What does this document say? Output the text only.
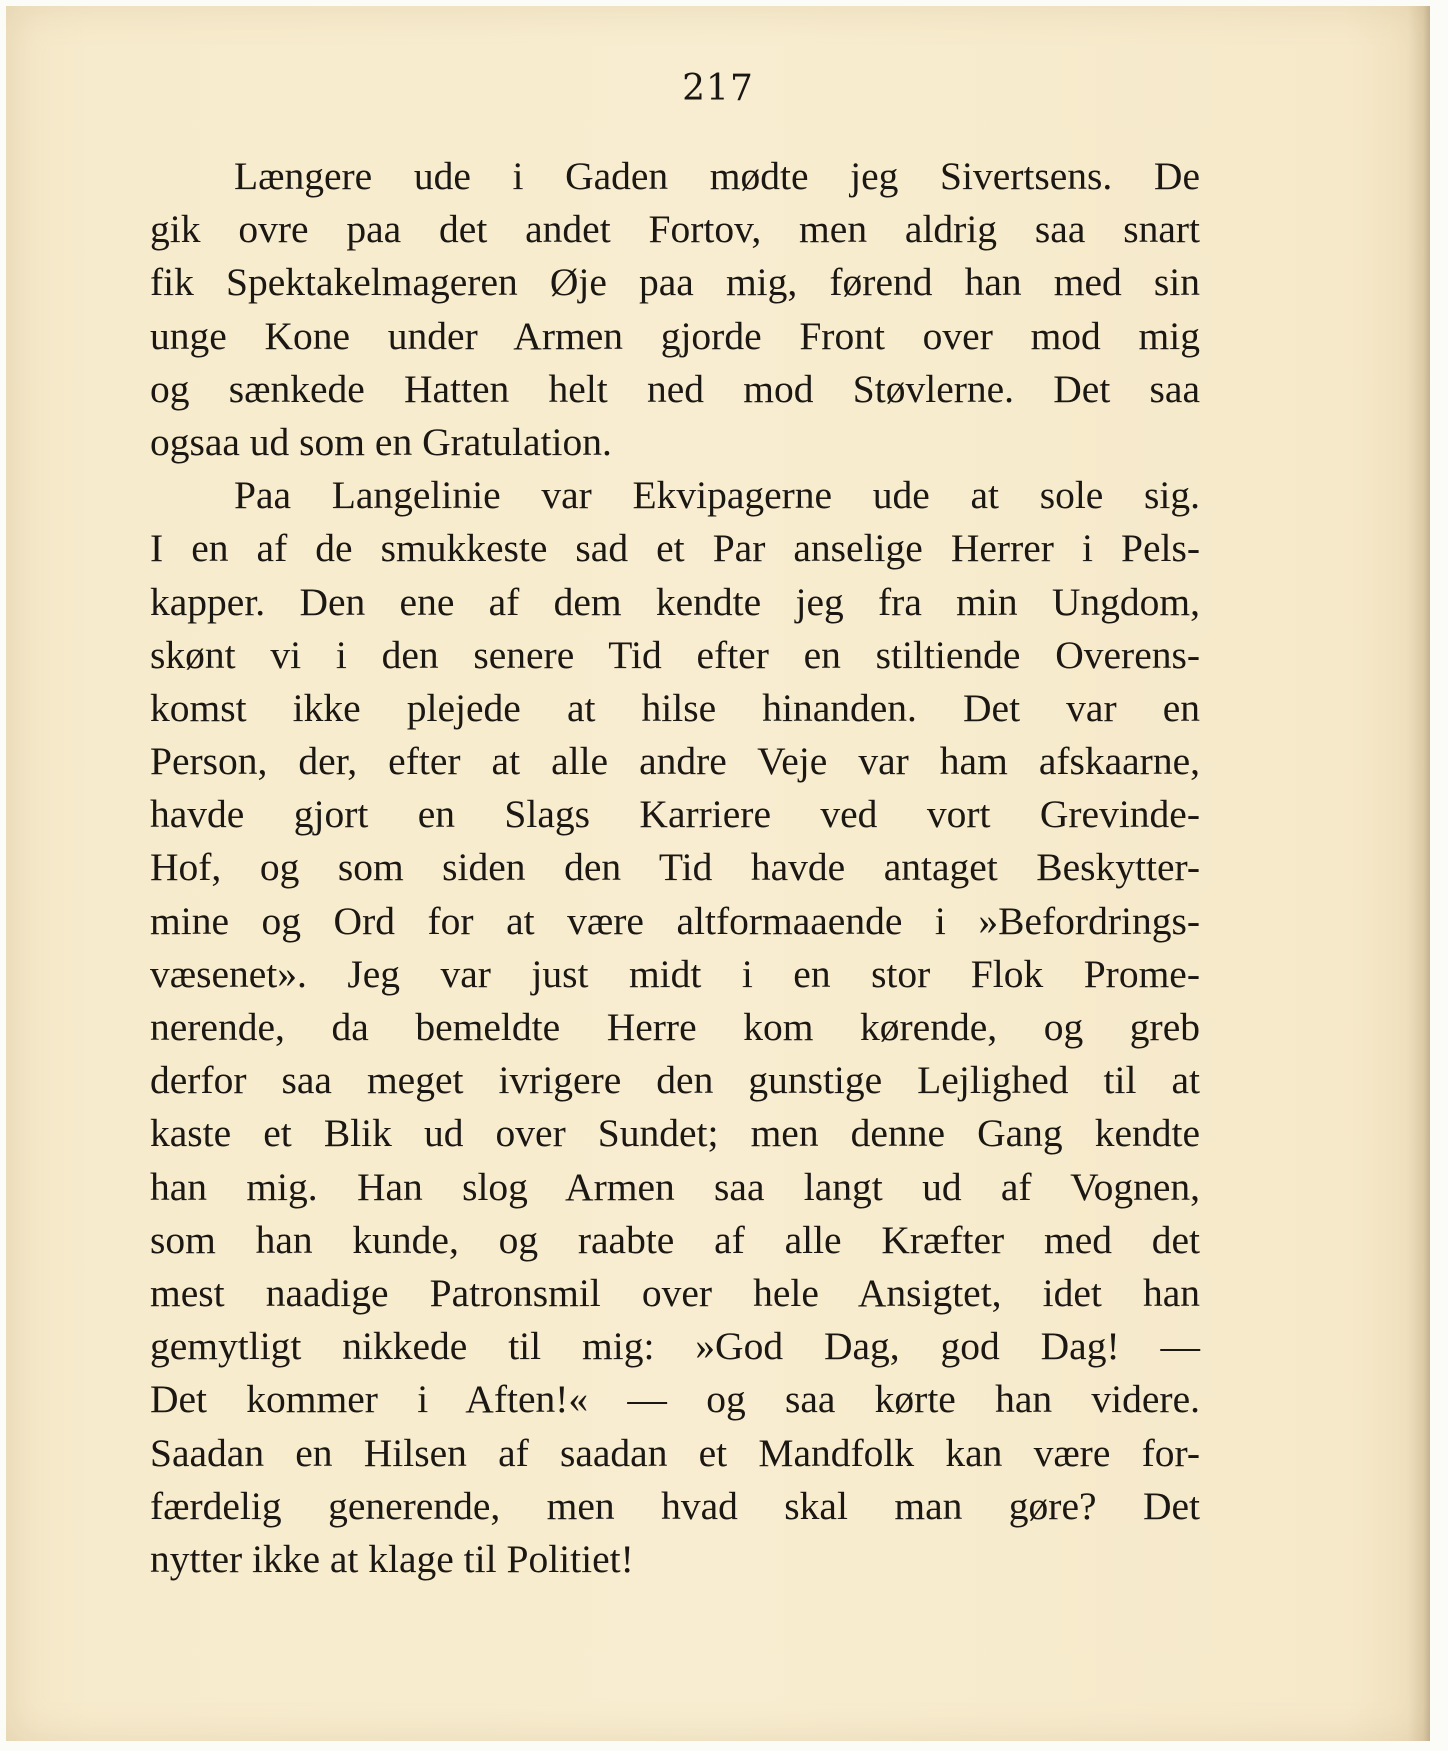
217
Længere ude i Gaden mødte jeg Sivertsens. De
gik ovre paa det andet Fortov, men aldrig saa snart
fik Spektakelmageren Øje paa mig, førend han med sin
unge Kone under Armen gjorde Front over mod mig
og sænkede Hatten helt ned mod Støvlerne. Det saa
ogsaa ud som en Gratulation.
Paa Langelinie var Ekvipagerne ude at sole sig.
I en af de smukkeste sad et Par anselige Herrer i Pels-
kapper. Den ene af dem kendte jeg fra min Ungdom,
skønt vi i den senere Tid efter en stiltiende Overens-
komst ikke plejede at hilse hinanden. Det var en
Person, der, efter at alle andre Veje var ham afskaarne,
havde gjort en Slags Karriere ved vort Grevinde-
Hof, og som siden den Tid havde antaget Beskytter-
mine og Ord for at være altformaaende i »Befordrings-
væsenet». Jeg var just midt i en stor Flok Prome-
nerende, da bemeldte Herre kom kørende, og greb
derfor saa meget ivrigere den gunstige Lejlighed til at
kaste et Blik ud over Sundet; men denne Gang kendte
han mig. Han slog Armen saa langt ud af Vognen,
som han kunde, og raabte af alle Kræfter med det
mest naadige Patronsmil over hele Ansigtet, idet han
gemytligt nikkede til mig: »God Dag, god Dag! —
Det kommer i Aften!« — og saa kørte han videre.
Saadan en Hilsen af saadan et Mandfolk kan være for-
færdelig generende, men hvad skal man gøre? Det
nytter ikke at klage til Politiet!
